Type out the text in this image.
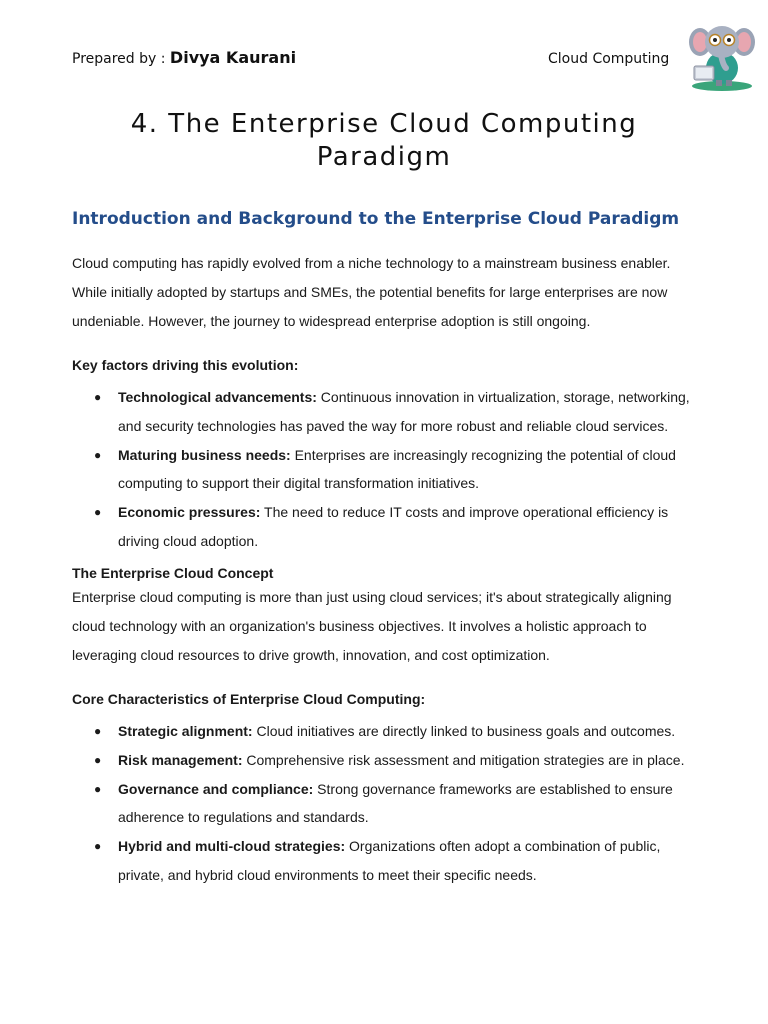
Prepared by : Divya Kaurani	Cloud Computing
4. The Enterprise Cloud Computing
Paradigm
Introduction and Background to the Enterprise Cloud Paradigm
Cloud computing has rapidly evolved from a niche technology to a mainstream business enabler. While initially adopted by startups and SMEs, the potential benefits for large enterprises are now undeniable. However, the journey to widespread enterprise adoption is still ongoing.
Key factors driving this evolution:
● Technological advancements: Continuous innovation in virtualization, storage, networking, and security technologies has paved the way for more robust and reliable cloud services.
● Maturing business needs: Enterprises are increasingly recognizing the potential of cloud computing to support their digital transformation initiatives.
● Economic pressures: The need to reduce IT costs and improve operational efficiency is driving cloud adoption.
The Enterprise Cloud Concept
Enterprise cloud computing is more than just using cloud services; it's about strategically aligning cloud technology with an organization's business objectives. It involves a holistic approach to leveraging cloud resources to drive growth, innovation, and cost optimization.
Core Characteristics of Enterprise Cloud Computing:
● Strategic alignment: Cloud initiatives are directly linked to business goals and outcomes.
● Risk management: Comprehensive risk assessment and mitigation strategies are in place.
● Governance and compliance: Strong governance frameworks are established to ensure adherence to regulations and standards.
● Hybrid and multi-cloud strategies: Organizations often adopt a combination of public, private, and hybrid cloud environments to meet their specific needs.
